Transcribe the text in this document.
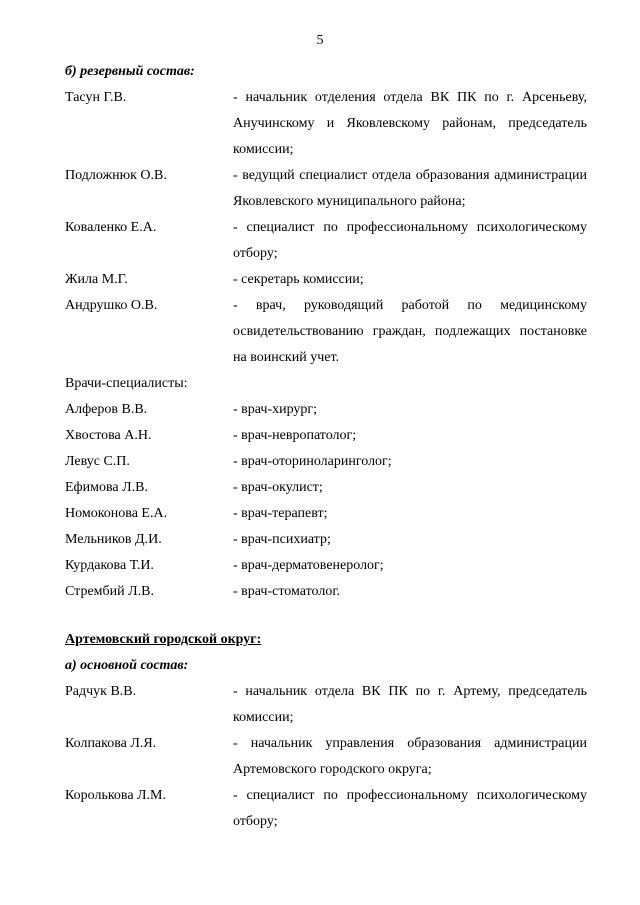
5
б) резервный состав:
Тасун Г.В.	- начальник отделения отдела ВК ПК по г. Арсеньеву, Анучинскому и Яковлевскому районам, председатель комиссии;
Подложнюк О.В.	- ведущий специалист отдела образования администрации Яковлевского муниципального района;
Коваленко Е.А.	- специалист по профессиональному психологическому отбору;
Жила М.Г.	- секретарь комиссии;
Андрушко О.В.	- врач, руководящий работой по медицинскому освидетельствованию граждан, подлежащих постановке на воинский учет.
Врачи-специалисты:
Алферов В.В.	- врач-хирург;
Хвостова А.Н.	- врач-невропатолог;
Левус С.П.	- врач-оториноларинголог;
Ефимова Л.В.	- врач-окулист;
Номоконова Е.А.	- врач-терапевт;
Мельников Д.И.	- врач-психиатр;
Курдакова Т.И.	- врач-дерматовенеролог;
Стрембий Л.В.	- врач-стоматолог.
Артемовский городской округ:
а) основной состав:
Радчук В.В.	- начальник отдела ВК ПК по г. Артему, председатель комиссии;
Колпакова Л.Я.	- начальник управления образования администрации Артемовского городского округа;
Королькова Л.М.	- специалист по профессиональному психологическому отбору;
